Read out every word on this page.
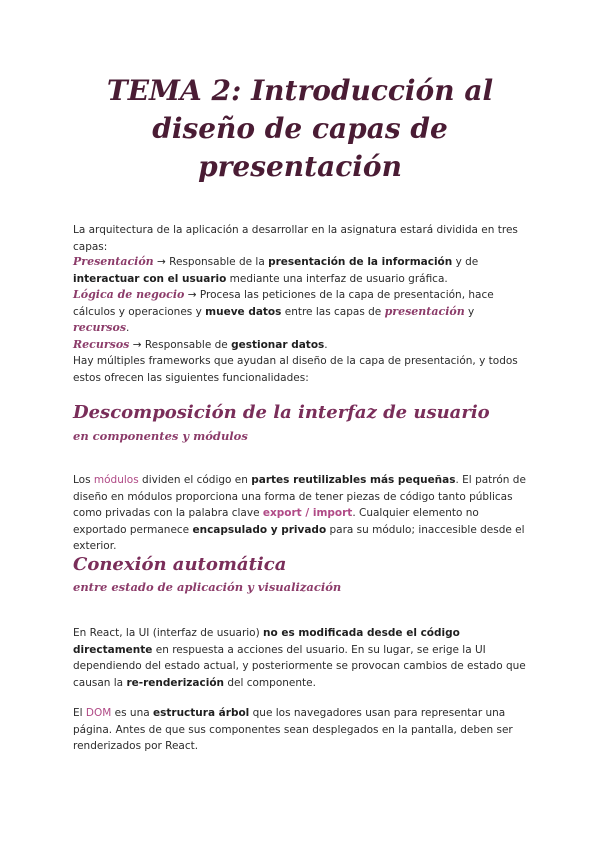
TEMA 2: Introducción al
diseño de capas de
presentación

La arquitectura de la aplicación a desarrollar en la asignatura estará dividida en tres capas:

Presentación → Responsable de la presentación de la información y de interactuar con el usuario mediante una interfaz de usuario gráfica.
Lógica de negocio → Procesa las peticiones de la capa de presentación, hace cálculos y operaciones y mueve datos entre las capas de presentación y recursos.
Recursos → Responsable de gestionar datos.

Hay múltiples frameworks que ayudan al diseño de la capa de presentación, y todos estos ofrecen las siguientes funcionalidades:

Descomposición de la interfaz de usuario
en componentes y módulos

Los módulos dividen el código en partes reutilizables más pequeñas. El patrón de diseño en módulos proporciona una forma de tener piezas de código tanto públicas como privadas con la palabra clave export / import. Cualquier elemento no exportado permanece encapsulado y privado para su módulo; inaccesible desde el exterior.

Conexión automática
entre estado de aplicación y visualización

En React, la UI (interfaz de usuario) no es modificada desde el código directamente en respuesta a acciones del usuario. En su lugar, se erige la UI dependiendo del estado actual, y posteriormente se provocan cambios de estado que causan la re-renderización del componente.

El DOM es una estructura árbol que los navegadores usan para representar una página. Antes de que sus componentes sean desplegados en la pantalla, deben ser renderizados por React.
